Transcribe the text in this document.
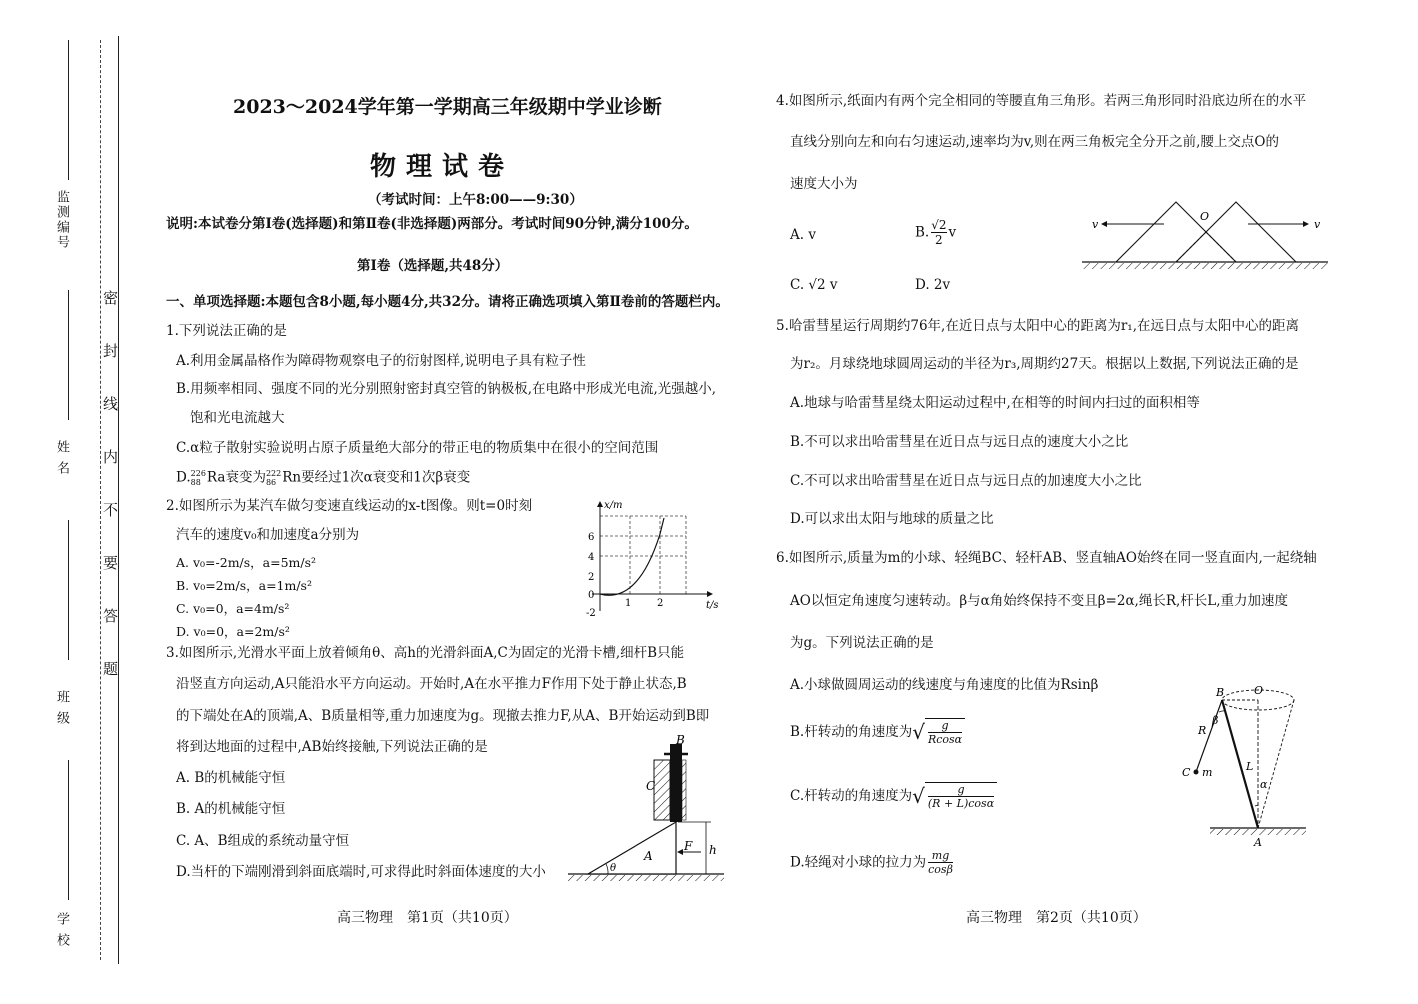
监测编号
姓 名
班 级
学 校
密封线内不要答题
2023～2024学年第一学期高三年级期中学业诊断
物理试卷
（考试时间：上午8:00——9:30）
说明:本试卷分第Ⅰ卷(选择题)和第Ⅱ卷(非选择题)两部分。考试时间90分钟,满分100分。
第Ⅰ卷（选择题,共48分）
一、单项选择题:本题包含8小题,每小题4分,共32分。请将正确选项填入第Ⅱ卷前的答题栏内。
1.下列说法正确的是
A.利用金属晶格作为障碍物观察电子的衍射图样,说明电子具有粒子性
B.用频率相同、强度不同的光分别照射密封真空管的钠极板,在电路中形成光电流,光强越小,
饱和光电流越大
C.α粒子散射实验说明占原子质量绝大部分的带正电的物质集中在很小的空间范围
D. 226
88 Ra衰变为 222
86 Rn要经过1次α衰变和1次β衰变
2.如图所示为某汽车做匀变速直线运动的x-t图像。则t=0时刻
汽车的速度v₀和加速度a分别为
A. v₀=-2m/s，a=5m/s²
B. v₀=2m/s，a=1m/s²
C. v₀=0，a=4m/s²
D. v₀=0，a=2m/s²
x/m
t/s
6
4
2
0
-2
1	2
3.如图所示,光滑水平面上放着倾角θ、高h的光滑斜面A,C为固定的光滑卡槽,细杆B只能
沿竖直方向运动,A只能沿水平方向运动。开始时,A在水平推力F作用下处于静止状态,B
的下端处在A的顶端,A、B质量相等,重力加速度为g。现撤去推力F,从A、B开始运动到B即
将到达地面的过程中,AB始终接触,下列说法正确的是
A. B的机械能守恒
B. A的机械能守恒
C. A、B组成的系统动量守恒
D.当杆的下端刚滑到斜面底端时,可求得此时斜面体速度的大小
B
C
A
F h
θ
高三物理　第1页（共10页）
4.如图所示,纸面内有两个完全相同的等腰直角三角形。若两三角形同时沿底边所在的水平
直线分别向左和向右匀速运动,速率均为v,则在两三角板完全分开之前,腰上交点O的
速度大小为
A. v	B. $\frac{√2}{2}$ v
C. √2 v	D. 2v
v	v
O
5.哈雷彗星运行周期约76年,在近日点与太阳中心的距离为r₁,在远日点与太阳中心的距离
为r₂。月球绕地球圆周运动的半径为r₃,周期约27天。根据以上数据,下列说法正确的是
A.地球与哈雷彗星绕太阳运动过程中,在相等的时间内扫过的面积相等
B.不可以求出哈雷彗星在近日点与远日点的速度大小之比
C.不可以求出哈雷彗星在近日点与远日点的加速度大小之比
D.可以求出太阳与地球的质量之比
6.如图所示,质量为m的小球、轻绳BC、轻杆AB、竖直轴AO始终在同一竖直面内,一起绕轴
AO以恒定角速度匀速转动。β与α角始终保持不变且β=2α,绳长R,杆长L,重力加速度
为g。下列说法正确的是
A.小球做圆周运动的线速度与角速度的比值为Rsinβ
B.杆转动的角速度为√ $\frac{g}{Rcos\alpha}$
C.杆转动的角速度为√ $\frac{g}{(R + L)\cos\alpha}$
D.轻绳对小球的拉力为 $\frac{mg}{\cos\beta}$
B	O
β
R
L
C m
α
A
高三物理　第2页（共10页）
